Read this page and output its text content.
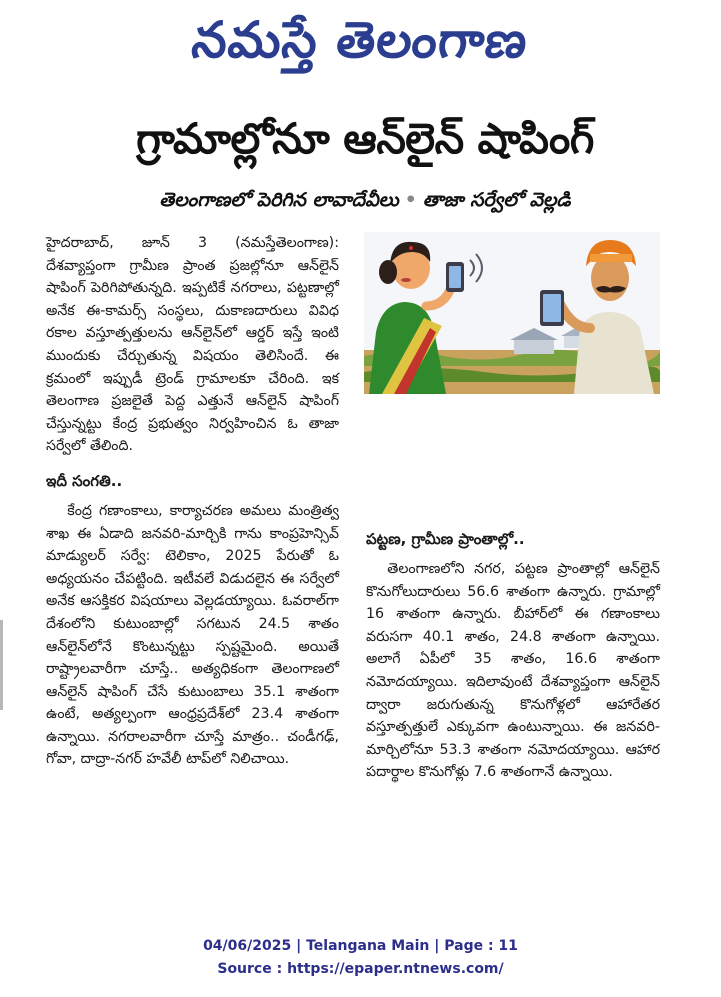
నమస్తే తెలంగాణ
గ్రామాల్లోనూ ఆన్‌లైన్ షాపింగ్
తెలంగాణలో పెరిగిన లావాదేవీలు • తాజా సర్వేలో వెల్లడి

హైదరాబాద్, జూన్ 3 (నమస్తేతెలంగాణ): దేశవ్యాప్తంగా గ్రామీణ ప్రాంత ప్రజల్లోనూ ఆన్‌లైన్ షాపింగ్ పెరిగిపోతున్నది. ఇప్పటికే నగరాలు, పట్టణాల్లో అనేక ఈ-కామర్స్ సంస్థలు, దుకాణదారులు వివిధ రకాల వస్తూత్పత్తులను ఆన్‌లైన్‌లో ఆర్డర్ ఇస్తే ఇంటి ముందుకు చేర్చుతున్న విషయం తెలిసిందే. ఈ క్రమంలో ఇప్పుడీ ట్రెండ్ గ్రామాలకూ చేరింది. ఇక తెలంగాణ ప్రజలైతే పెద్ద ఎత్తునే ఆన్‌లైన్ షాపింగ్ చేస్తున్నట్టు కేంద్ర ప్రభుత్వం నిర్వహించిన ఓ తాజా సర్వేలో తేలింది.

ఇదీ సంగతి..

కేంద్ర గణాంకాలు, కార్యాచరణ అమలు మంత్రిత్వ శాఖ ఈ ఏడాది జనవరి-మార్చికి గాను కాంప్రహెన్సివ్ మాడ్యులర్ సర్వే: టెలికాం, 2025 పేరుతో ఓ అధ్యయనం చేపట్టింది. ఇటీవలే విడుదలైన ఈ సర్వేలో అనేక ఆసక్తికర విషయాలు వెల్లడయ్యాయి. ఓవరాల్‌గా దేశంలోని కుటుంబాల్లో సగటున 24.5 శాతం ఆన్‌లైన్‌లోనే కొంటున్నట్టు స్పష్టమైంది. అయితే రాష్ట్రాలవారీగా చూస్తే.. అత్యధికంగా తెలంగాణలో ఆన్‌లైన్ షాపింగ్ చేసే కుటుంబాలు 35.1 శాతంగా ఉంటే, అత్యల్పంగా ఆంధ్రప్రదేశ్‌లో 23.4 శాతంగా ఉన్నాయి. నగరాలవారీగా చూస్తే మాత్రం.. చండీగఢ్, గోవా, దాద్రా-నగర్ హవేలీ టాప్‌లో నిలిచాయి.

పట్టణ, గ్రామీణ ప్రాంతాల్లో..

తెలంగాణలోని నగర, పట్టణ ప్రాంతాల్లో ఆన్‌లైన్ కొనుగోలుదారులు 56.6 శాతంగా ఉన్నారు. గ్రామాల్లో 16 శాతంగా ఉన్నారు. బీహార్‌లో ఈ గణాంకాలు వరుసగా 40.1 శాతం, 24.8 శాతంగా ఉన్నాయి. అలాగే ఏపీలో 35 శాతం, 16.6 శాతంగా నమోదయ్యాయి. ఇదిలావుంటే దేశవ్యాప్తంగా ఆన్‌లైన్ ద్వారా జరుగుతున్న కొనుగోళ్లలో ఆహారేతర వస్తూత్పత్తులే ఎక్కువగా ఉంటున్నాయి. ఈ జనవరి-మార్చిలోనూ 53.3 శాతంగా నమోదయ్యాయి. ఆహార పదార్థాల కొనుగోళ్లు 7.6 శాతంగానే ఉన్నాయి.

04/06/2025 | Telangana Main | Page : 11
Source : https://epaper.ntnews.com/
